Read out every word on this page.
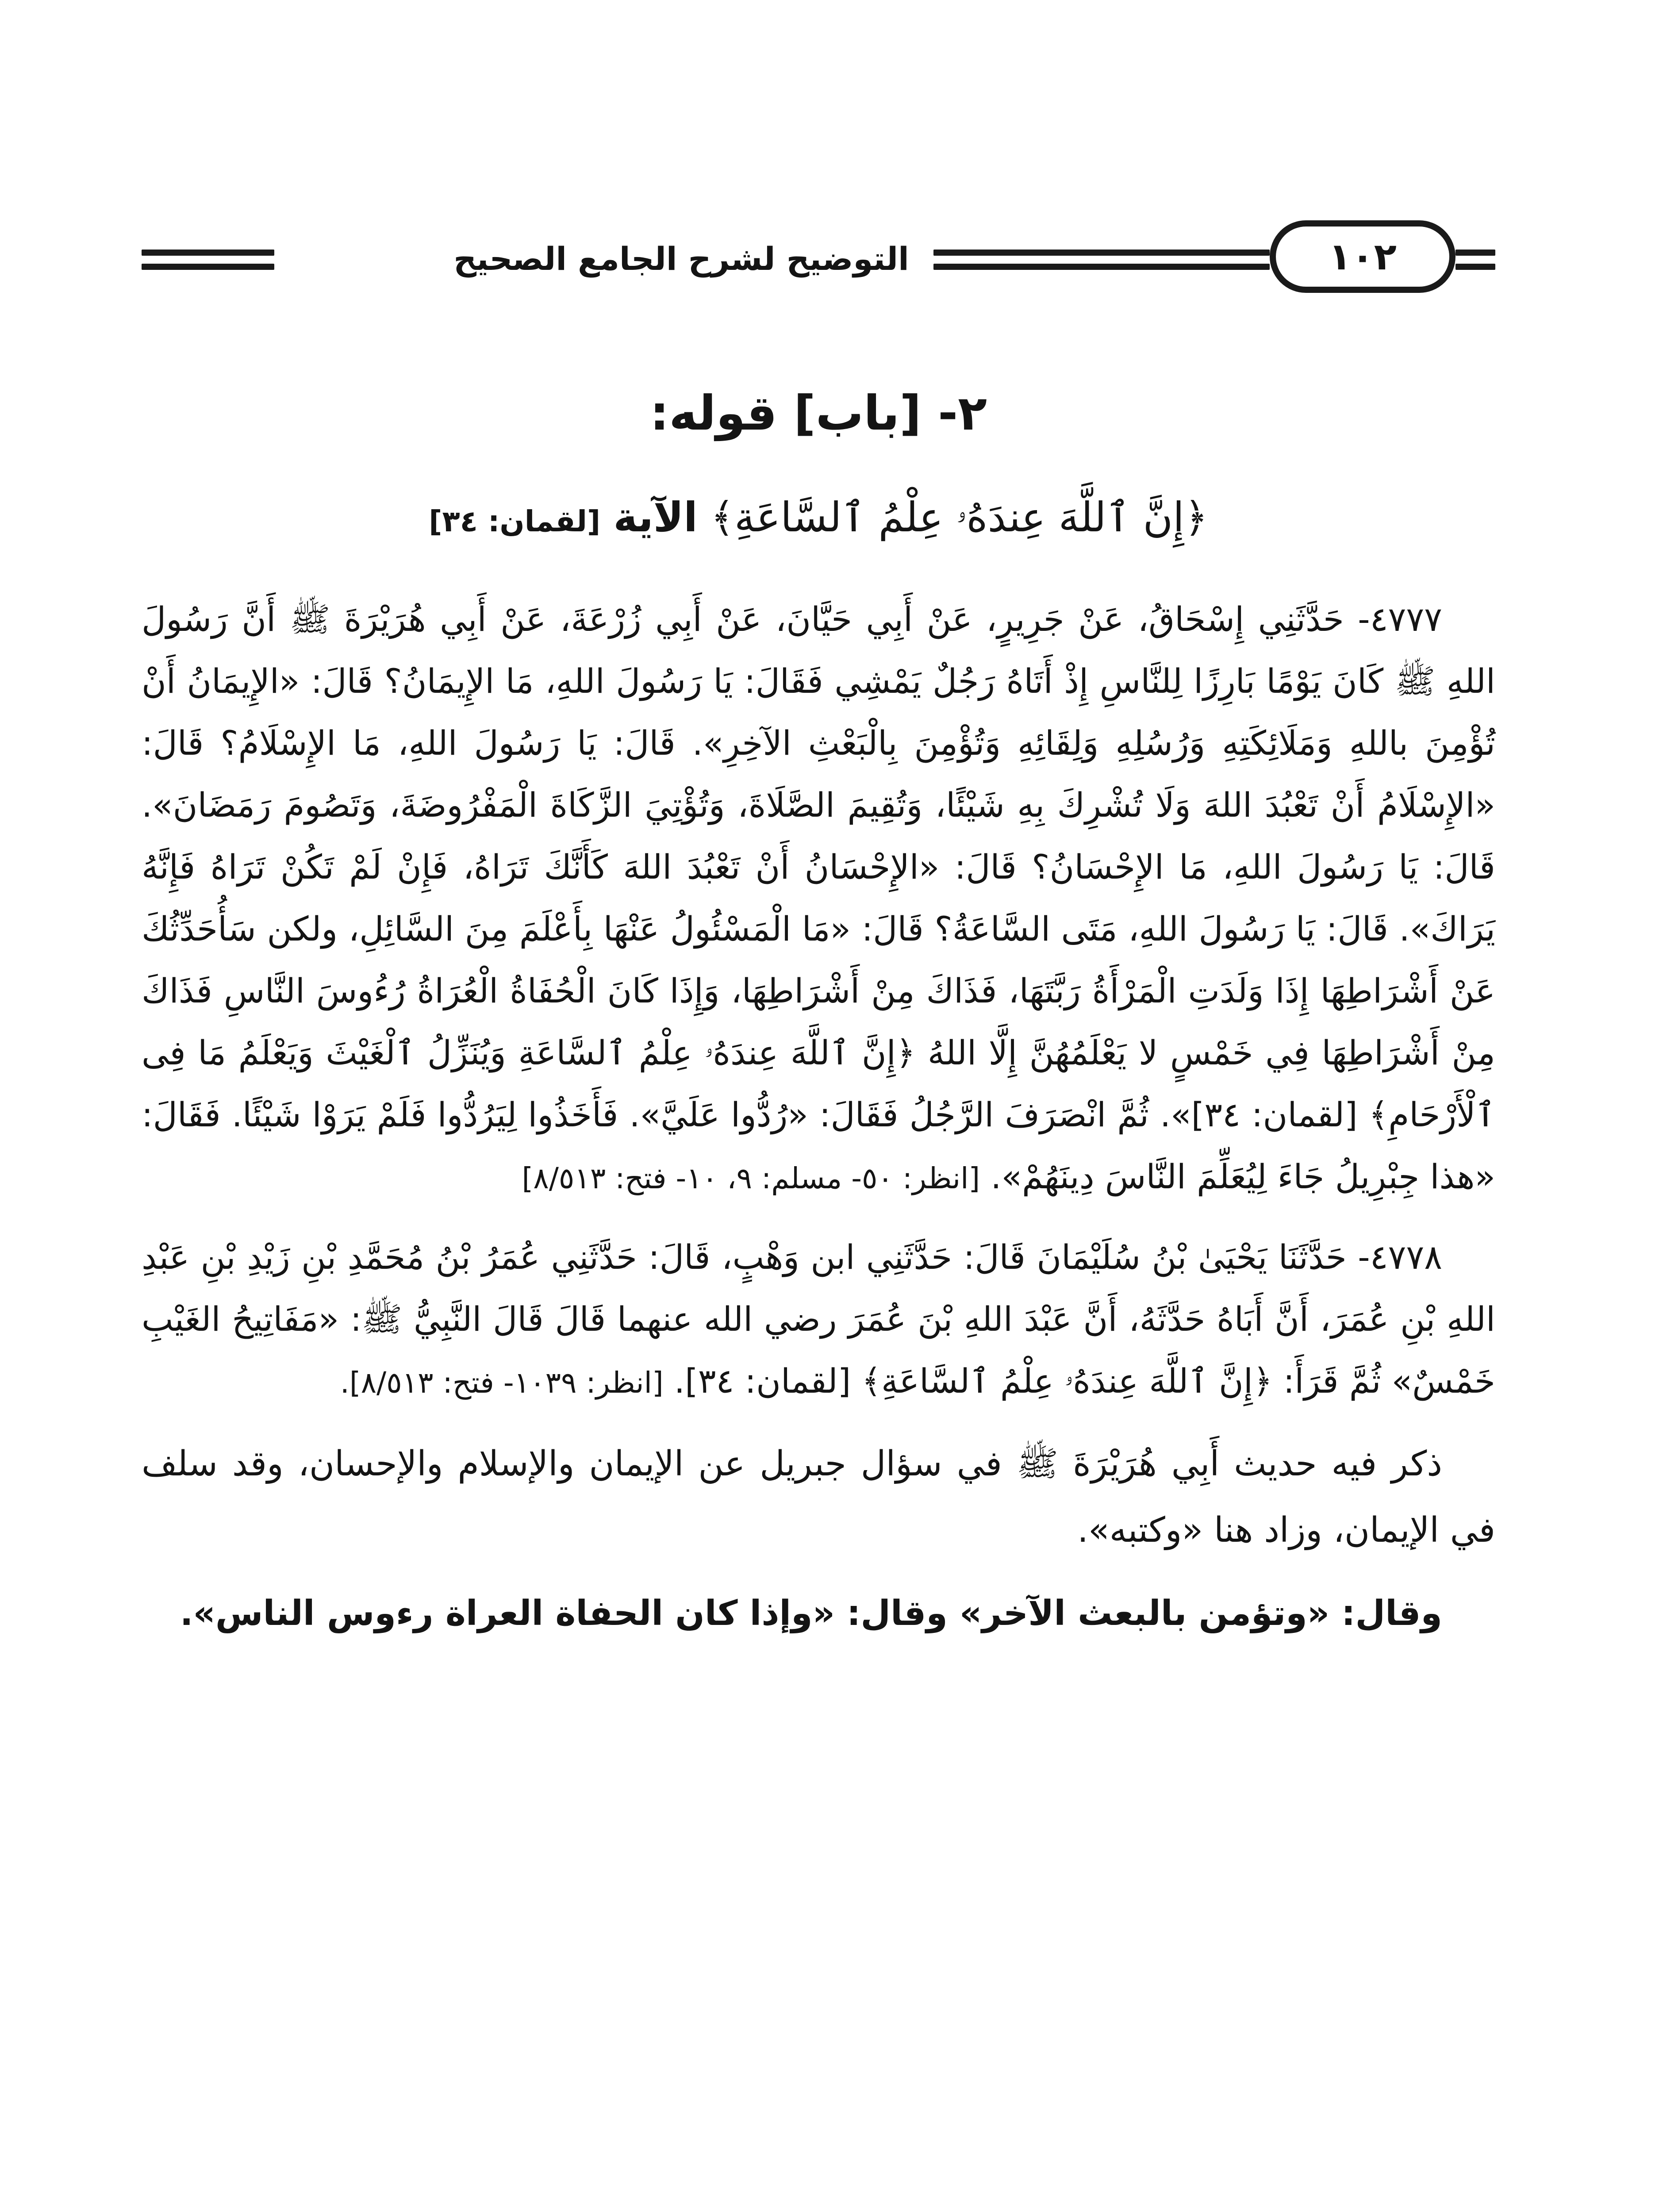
التوضيح لشرح الجامع الصحيح	١٠٢
٢- [باب] قوله:
﴿إِنَّ ٱللَّهَ عِندَهُۥ عِلْمُ ٱلسَّاعَةِ﴾ الآية [لقمان: ٣٤]

٤٧٧٧- حَدَّثَنِي إِسْحَاقُ، عَنْ جَرِيرٍ، عَنْ أَبِي حَيَّانَ، عَنْ أَبِي زُرْعَةَ، عَنْ أَبِي هُرَيْرَةَ ﷺ أَنَّ رَسُولَ اللهِ ﷺ كَانَ يَوْمًا بَارِزًا لِلنَّاسِ إِذْ أَتَاهُ رَجُلٌ يَمْشِي فَقَالَ: يَا رَسُولَ اللهِ، مَا الإِيمَانُ؟ قَالَ: «الإِيمَانُ أَنْ تُؤْمِنَ باللهِ وَمَلَائِكَتِهِ وَرُسُلِهِ وَلِقَائِهِ وَتُؤْمِنَ بِالْبَعْثِ الآخِرِ». قَالَ: يَا رَسُولَ اللهِ، مَا الإِسْلَامُ؟ قَالَ: «الإِسْلَامُ أَنْ تَعْبُدَ اللهَ وَلَا تُشْرِكَ بِهِ شَيْئًا، وَتُقِيمَ الصَّلَاةَ، وَتُؤْتِيَ الزَّكَاةَ الْمَفْرُوضَةَ، وَتَصُومَ رَمَضَانَ». قَالَ: يَا رَسُولَ اللهِ، مَا الإِحْسَانُ؟ قَالَ: «الإِحْسَانُ أَنْ تَعْبُدَ اللهَ كَأَنَّكَ تَرَاهُ، فَإِنْ لَمْ تَكُنْ تَرَاهُ فَإِنَّهُ يَرَاكَ». قَالَ: يَا رَسُولَ اللهِ، مَتَى السَّاعَةُ؟ قَالَ: «مَا الْمَسْئُولُ عَنْهَا بِأَعْلَمَ مِنَ السَّائِلِ، ولكن سَأُحَدِّثُكَ عَنْ أَشْرَاطِهَا إِذَا وَلَدَتِ الْمَرْأَةُ رَبَّتَهَا، فَذَاكَ مِنْ أَشْرَاطِهَا، وَإِذَا كَانَ الْحُفَاةُ الْعُرَاةُ رُءُوسَ النَّاسِ فَذَاكَ مِنْ أَشْرَاطِهَا فِي خَمْسٍ لا يَعْلَمُهُنَّ إِلَّا اللهُ ﴿إِنَّ ٱللَّهَ عِندَهُۥ عِلْمُ ٱلسَّاعَةِ وَيُنَزِّلُ ٱلْغَيْثَ وَيَعْلَمُ مَا فِى ٱلْأَرْحَامِ﴾ [لقمان: ٣٤]». ثُمَّ انْصَرَفَ الرَّجُلُ فَقَالَ: «رُدُّوا عَلَيَّ». فَأَخَذُوا لِيَرُدُّوا فَلَمْ يَرَوْا شَيْئًا. فَقَالَ: «هذا جِبْرِيلُ جَاءَ لِيُعَلِّمَ النَّاسَ دِينَهُمْ». [انظر: ٥٠- مسلم: ٩، ١٠- فتح: ٨/٥١٣]

٤٧٧٨- حَدَّثَنَا يَحْيَىٰ بْنُ سُلَيْمَانَ قَالَ: حَدَّثَنِي ابن وَهْبٍ، قَالَ: حَدَّثَنِي عُمَرُ بْنُ مُحَمَّدِ بْنِ زَيْدِ بْنِ عَبْدِ اللهِ بْنِ عُمَرَ، أَنَّ أَبَاهُ حَدَّثَهُ، أَنَّ عَبْدَ اللهِ بْنَ عُمَرَ رضي الله عنهما قَالَ قَالَ النَّبِيُّ ﷺ: «مَفَاتِيحُ الغَيْبِ خَمْسٌ» ثُمَّ قَرَأَ: ﴿إِنَّ ٱللَّهَ عِندَهُۥ عِلْمُ ٱلسَّاعَةِ﴾ [لقمان: ٣٤]. [انظر: ١٠٣٩- فتح: ٨/٥١٣].

ذكر فيه حديث أَبِي هُرَيْرَةَ ﷺ في سؤال جبريل عن الإيمان والإسلام والإحسان، وقد سلف في الإيمان، وزاد هنا «وكتبه».

وقال: «وتؤمن بالبعث الآخر» وقال: «وإذا كان الحفاة العراة رءوس الناس».
